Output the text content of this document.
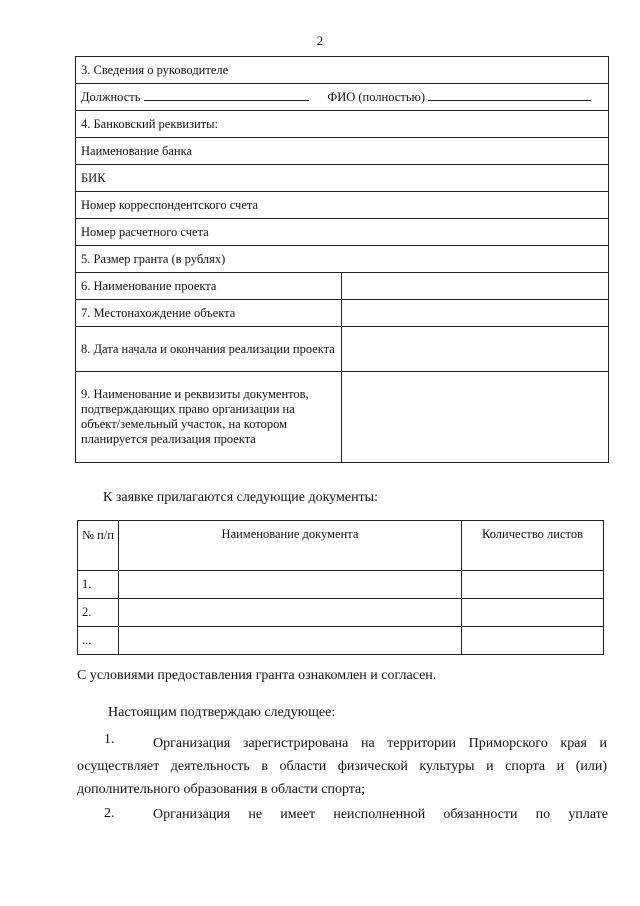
2
3. Сведения о руководителе	
Должность ФИО (полностью)	
4. Банковский реквизиты:	
Наименование банка	
БИК	
Номер корреспондентского счета	
Номер расчетного счета	
5. Размер гранта (в рублях)	
6. Наименование проекта	
7. Местонахождение объекта	
8. Дата начала и окончания реализации проекта	
9. Наименование и реквизиты документов, подтверждающих право организации на объект/земельный участок, на котором планируется реализация проекта	
К заявке прилагаются следующие документы:
№ п/п	Наименование документа	Количество листов
1.		
2.		
...		
С условиями предоставления гранта ознакомлен и согласен.
Настоящим подтверждаю следующее:
1.	Организация зарегистрирована на территории Приморского края и осуществляет деятельность в области физической культуры и спорта и (или) дополнительного образования в области спорта;
2.	Организация не имеет неисполненной обязанности по уплате
